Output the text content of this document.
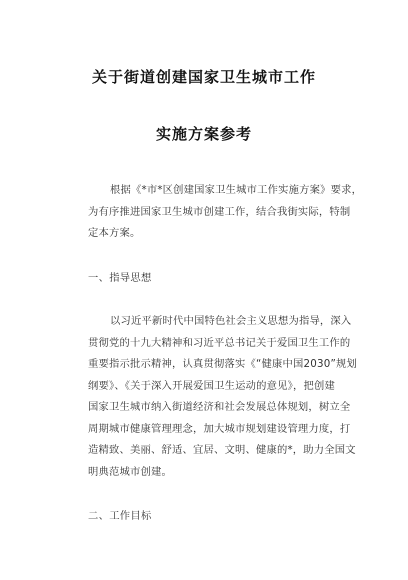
关于街道创建国家卫生城市工作
实施方案参考
根据《*市*区创建国家卫生城市工作实施方案》要求，
为有序推进国家卫生城市创建工作，结合我街实际，特制
定本方案。
一、指导思想
以习近平新时代中国特色社会主义思想为指导，深入
贯彻党的十九大精神和习近平总书记关于爱国卫生工作的
重要指示批示精神，认真贯彻落实《“健康中国2030”规划
纲要》、《关于深入开展爱国卫生运动的意见》，把创建
国家卫生城市纳入街道经济和社会发展总体规划，树立全
周期城市健康管理理念，加大城市规划建设管理力度，打
造精致、美丽、舒适、宜居、文明、健康的*，助力全国文
明典范城市创建。
二、工作目标
